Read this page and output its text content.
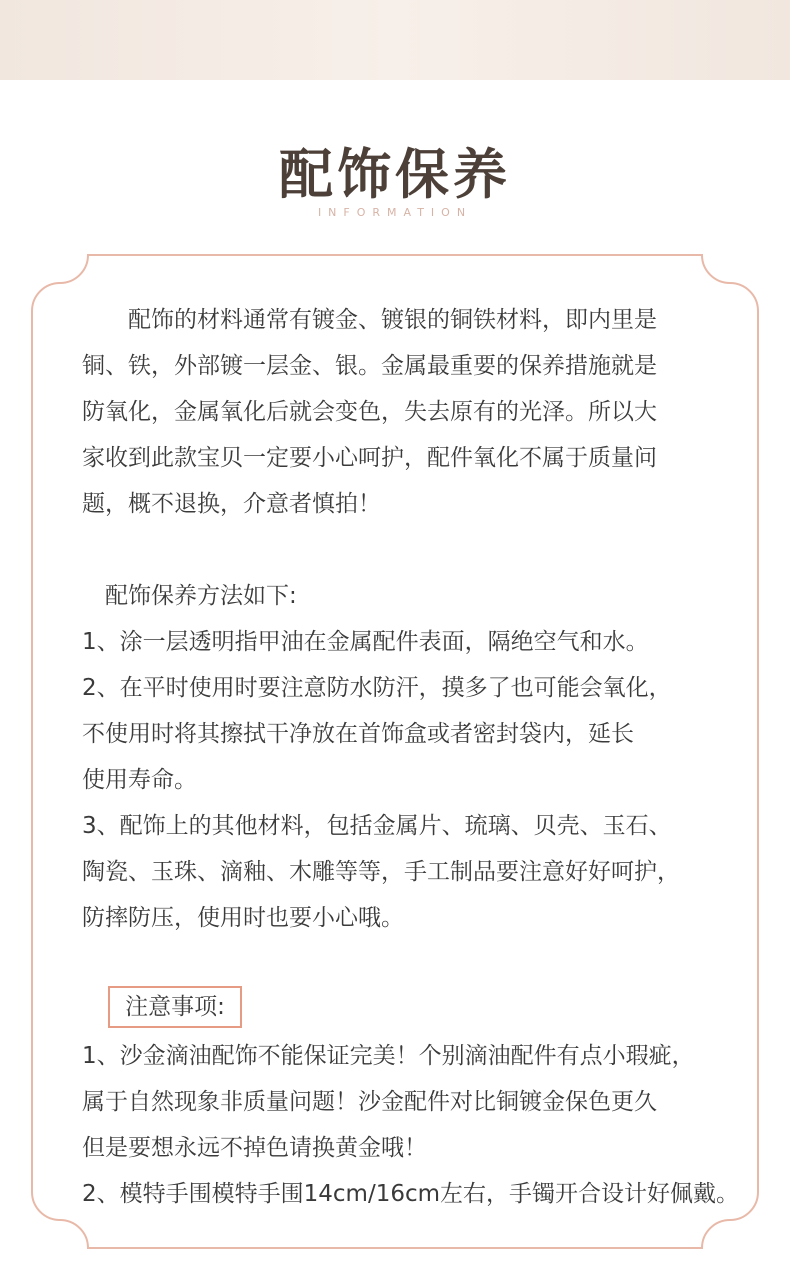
配饰保养
INFORMATION
　　配饰的材料通常有镀金、镀银的铜铁材料，即内里是
铜、铁，外部镀一层金、银。金属最重要的保养措施就是
防氧化，金属氧化后就会变色，失去原有的光泽。所以大
家收到此款宝贝一定要小心呵护，配件氧化不属于质量问
题，概不退换，介意者慎拍！
　配饰保养方法如下:
1、涂一层透明指甲油在金属配件表面，隔绝空气和水。
2、在平时使用时要注意防水防汗，摸多了也可能会氧化，
不使用时将其擦拭干净放在首饰盒或者密封袋内，延长
使用寿命。
3、配饰上的其他材料，包括金属片、琉璃、贝壳、玉石、
陶瓷、玉珠、滴釉、木雕等等，手工制品要注意好好呵护，
防摔防压，使用时也要小心哦。
注意事项:
1、沙金滴油配饰不能保证完美！个别滴油配件有点小瑕疵，
属于自然现象非质量问题！沙金配件对比铜镀金保色更久
但是要想永远不掉色请换黄金哦！
2、模特手围模特手围14cm/16cm左右，手镯开合设计好佩戴。
